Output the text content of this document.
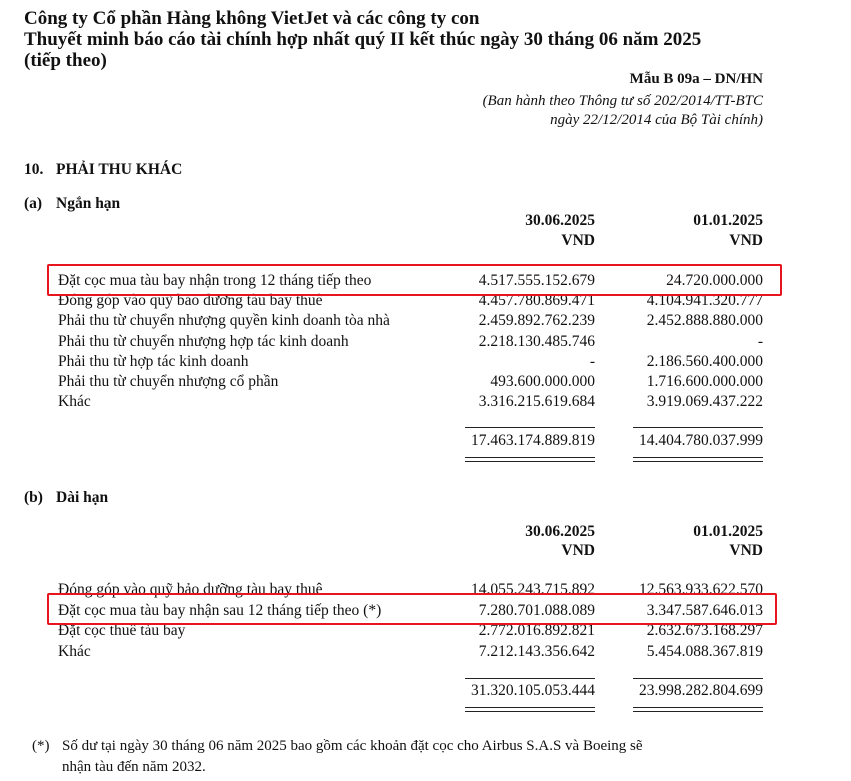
Công ty Cổ phần Hàng không VietJet và các công ty con
Thuyết minh báo cáo tài chính hợp nhất quý II kết thúc ngày 30 tháng 06 năm 2025
(tiếp theo)
Mẫu B 09a – DN/HN
(Ban hành theo Thông tư số 202/2014/TT-BTC
ngày 22/12/2014 của Bộ Tài chính)
10. PHẢI THU KHÁC
(a) Ngắn hạn
30.06.2025
VND
01.01.2025
VND
Đặt cọc mua tàu bay nhận trong 12 tháng tiếp theo	4.517.555.152.679	24.720.000.000
Đóng góp vào quỹ bảo dưỡng tàu bay thuê	4.457.780.869.471	4.104.941.320.777
Phải thu từ chuyển nhượng quyền kinh doanh tòa nhà	2.459.892.762.239	2.452.888.880.000
Phải thu từ chuyển nhượng hợp tác kinh doanh	2.218.130.485.746	-
Phải thu từ hợp tác kinh doanh	-	2.186.560.400.000
Phải thu từ chuyển nhượng cổ phần	493.600.000.000	1.716.600.000.000
Khác	3.316.215.619.684	3.919.069.437.222
17.463.174.889.819	14.404.780.037.999
(b) Dài hạn
30.06.2025
VND
01.01.2025
VND
Đóng góp vào quỹ bảo dưỡng tàu bay thuê	14.055.243.715.892	12.563.933.622.570
Đặt cọc mua tàu bay nhận sau 12 tháng tiếp theo (*)	7.280.701.088.089	3.347.587.646.013
Đặt cọc thuê tàu bay	2.772.016.892.821	2.632.673.168.297
Khác	7.212.143.356.642	5.454.088.367.819
31.320.105.053.444	23.998.282.804.699
(*) Số dư tại ngày 30 tháng 06 năm 2025 bao gồm các khoản đặt cọc cho Airbus S.A.S và Boeing sẽ
nhận tàu đến năm 2032.
